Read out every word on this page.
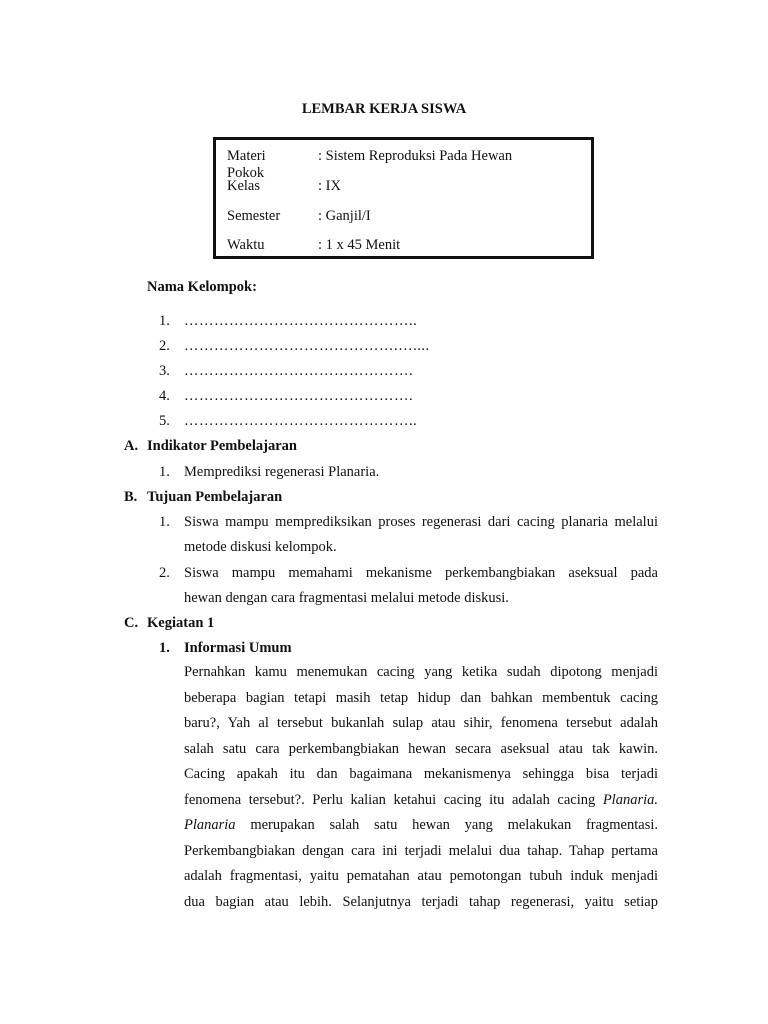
LEMBAR KERJA SISWA
Materi Pokok
: Sistem Reproduksi Pada Hewan
Kelas	: IX
Semester	: Ganjil/I
Waktu	: 1 x 45 Menit
Nama Kelompok:
1. ………………………………………..
2. …………………………………….…....
3. ……………………………………….
4. ……………………………………….
5. ………………………………………..
A. Indikator Pembelajaran
1. Memprediksi regenerasi Planaria.
B. Tujuan Pembelajaran
1. Siswa mampu memprediksikan proses regenerasi dari cacing planaria melalui
metode diskusi kelompok.
2. Siswa mampu memahami mekanisme perkembangbiakan aseksual pada
hewan dengan cara fragmentasi melalui metode diskusi.
C. Kegiatan 1
1. Informasi Umum
Pernahkan kamu menemukan cacing yang ketika sudah dipotong menjadi
beberapa bagian tetapi masih tetap hidup dan bahkan membentuk cacing
baru?, Yah al tersebut bukanlah sulap atau sihir, fenomena tersebut adalah
salah satu cara perkembangbiakan hewan secara aseksual atau tak kawin.
Cacing apakah itu dan bagaimana mekanismenya sehingga bisa terjadi
fenomena tersebut?. Perlu kalian ketahui cacing itu adalah cacing Planaria.
Planaria merupakan salah satu hewan yang melakukan fragmentasi.
Perkembangbiakan dengan cara ini terjadi melalui dua tahap. Tahap pertama
adalah fragmentasi, yaitu pematahan atau pemotongan tubuh induk menjadi
dua bagian atau lebih. Selanjutnya terjadi tahap regenerasi, yaitu setiap
